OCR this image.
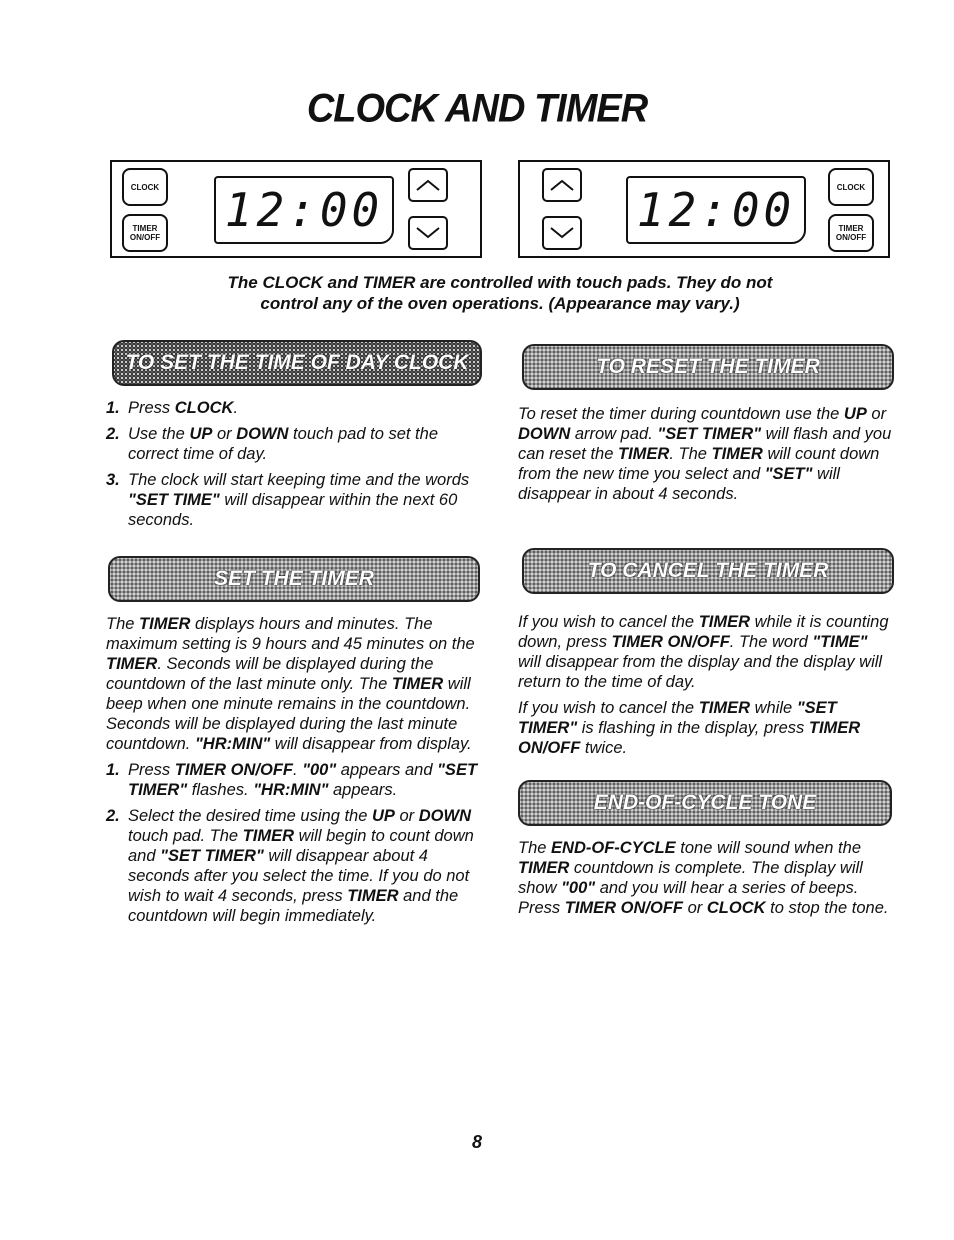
CLOCK AND TIMER
CLOCK
TIMER
ON/OFF
12:00	12:00	CLOCK
TIMER
ON/OFF
The CLOCK and TIMER are controlled with touch pads. They do not
control any of the oven operations. (Appearance may vary.)
TO SET THE TIME OF DAY CLOCK
1. Press CLOCK.
2. Use the UP or DOWN touch pad to set the correct time of day.
3. The clock will start keeping time and the words "SET TIME" will disappear within the next 60 seconds.
SET THE TIMER

The TIMER displays hours and minutes. The maximum setting is 9 hours and 45 minutes on the TIMER. Seconds will be displayed during the countdown of the last minute only. The TIMER will beep when one minute remains in the countdown. Seconds will be displayed during the last minute countdown. "HR:MIN" will disappear from display.

1. Press TIMER ON/OFF. "00" appears and "SET TIMER" flashes. "HR:MIN" appears.
2. Select the desired time using the UP or DOWN touch pad. The TIMER will begin to count down and "SET TIMER" will disappear about 4 seconds after you select the time. If you do not wish to wait 4 seconds, press TIMER and the countdown will begin immediately.
TO RESET THE TIMER

To reset the timer during countdown use the UP or DOWN arrow pad. "SET TIMER" will flash and you can reset the TIMER. The TIMER will count down from the new time you select and "SET" will disappear in about 4 seconds.

TO CANCEL THE TIMER

If you wish to cancel the TIMER while it is counting down, press TIMER ON/OFF. The word "TIME" will disappear from the display and the display will return to the time of day.

If you wish to cancel the TIMER while "SET TIMER" is flashing in the display, press TIMER ON/OFF twice.

END-OF-CYCLE TONE

The END-OF-CYCLE tone will sound when the TIMER countdown is complete. The display will show "00" and you will hear a series of beeps. Press TIMER ON/OFF or CLOCK to stop the tone.

8
